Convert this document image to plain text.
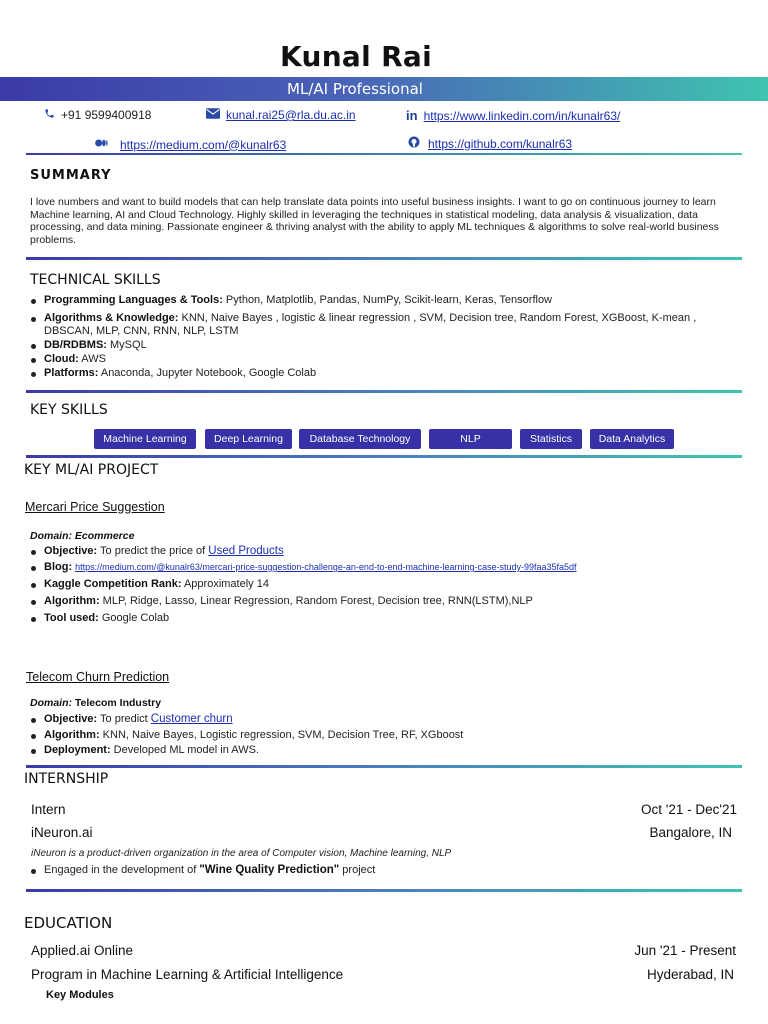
Kunal Rai
ML/AI Professional
+91 9599400918	kunal.rai25@rla.du.ac.in	in https://www.linkedin.com/in/kunalr63/
https://medium.com/@kunalr63	https://github.com/kunalr63
SUMMARY
I love numbers and want to build models that can help translate data points into useful business insights. I want to go on continuous journey to learn Machine learning, AI and Cloud Technology. Highly skilled in leveraging the techniques in statistical modeling, data analysis & visualization, data processing, and data mining. Passionate engineer & thriving analyst with the ability to apply ML techniques & algorithms to solve real-world business problems.
TECHNICAL SKILLS
Programming Languages & Tools: Python, Matplotlib, Pandas, NumPy, Scikit-learn, Keras, Tensorflow
Algorithms & Knowledge: KNN, Naive Bayes , logistic & linear regression , SVM, Decision tree, Random Forest, XGBoost, K-mean , DBSCAN, MLP, CNN, RNN, NLP, LSTM
DB/RDBMS: MySQL
Cloud: AWS
Platforms: Anaconda, Jupyter Notebook, Google Colab
KEY SKILLS
Machine Learning	Deep Learning	Database Technology	NLP	Statistics	Data Analytics
KEY ML/AI PROJECT
Mercari Price Suggestion
Domain: Ecommerce
Objective: To predict the price of Used Products
Blog: https://medium.com/@kunalr63/mercari-price-suggestion-challenge-an-end-to-end-machine-learning-case-study-99faa35fa5df
Kaggle Competition Rank: Approximately 14
Algorithm: MLP, Ridge, Lasso, Linear Regression, Random Forest, Decision tree, RNN(LSTM),NLP
Tool used: Google Colab
Telecom Churn Prediction
Domain: Telecom Industry
Objective: To predict Customer churn
Algorithm: KNN, Naive Bayes, Logistic regression, SVM, Decision Tree, RF, XGboost
Deployment: Developed ML model in AWS.
INTERNSHIP
Intern	Oct '21 - Dec'21
iNeuron.ai	Bangalore, IN
iNeuron is a product-driven organization in the area of Computer vision, Machine learning, NLP
Engaged in the development of "Wine Quality Prediction" project
EDUCATION
Applied.ai Online	Jun '21 - Present
Program in Machine Learning & Artificial Intelligence	Hyderabad, IN
Key Modules
